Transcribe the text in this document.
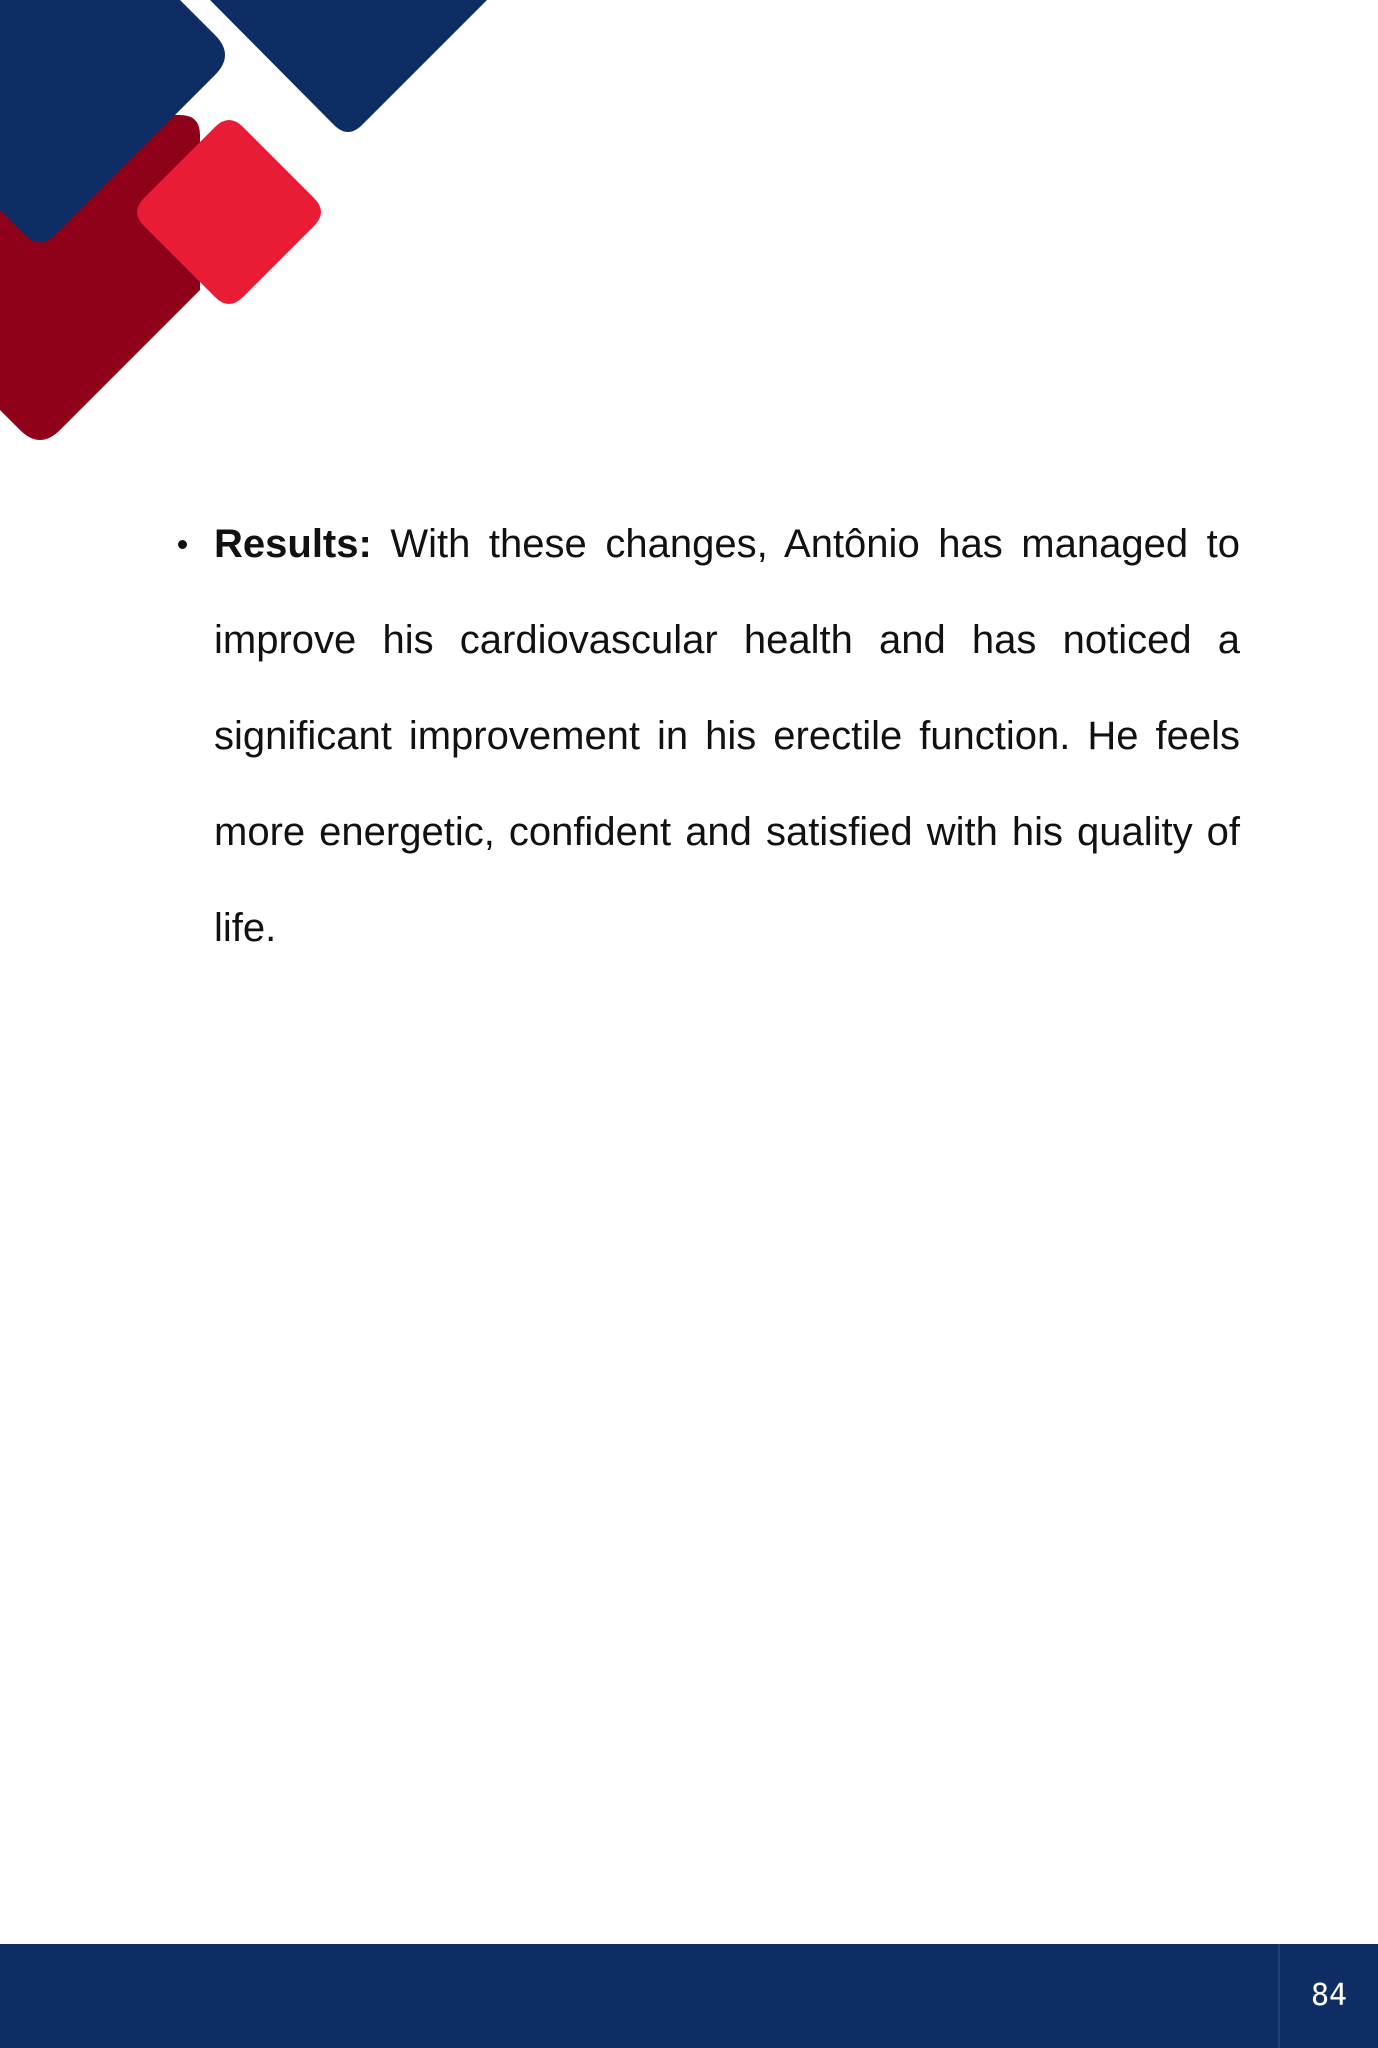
Results: With these changes, Antônio has managed to improve his cardiovascular health and has noticed a significant improvement in his erectile function. He feels more energetic, confident and satisfied with his quality of life.

84
